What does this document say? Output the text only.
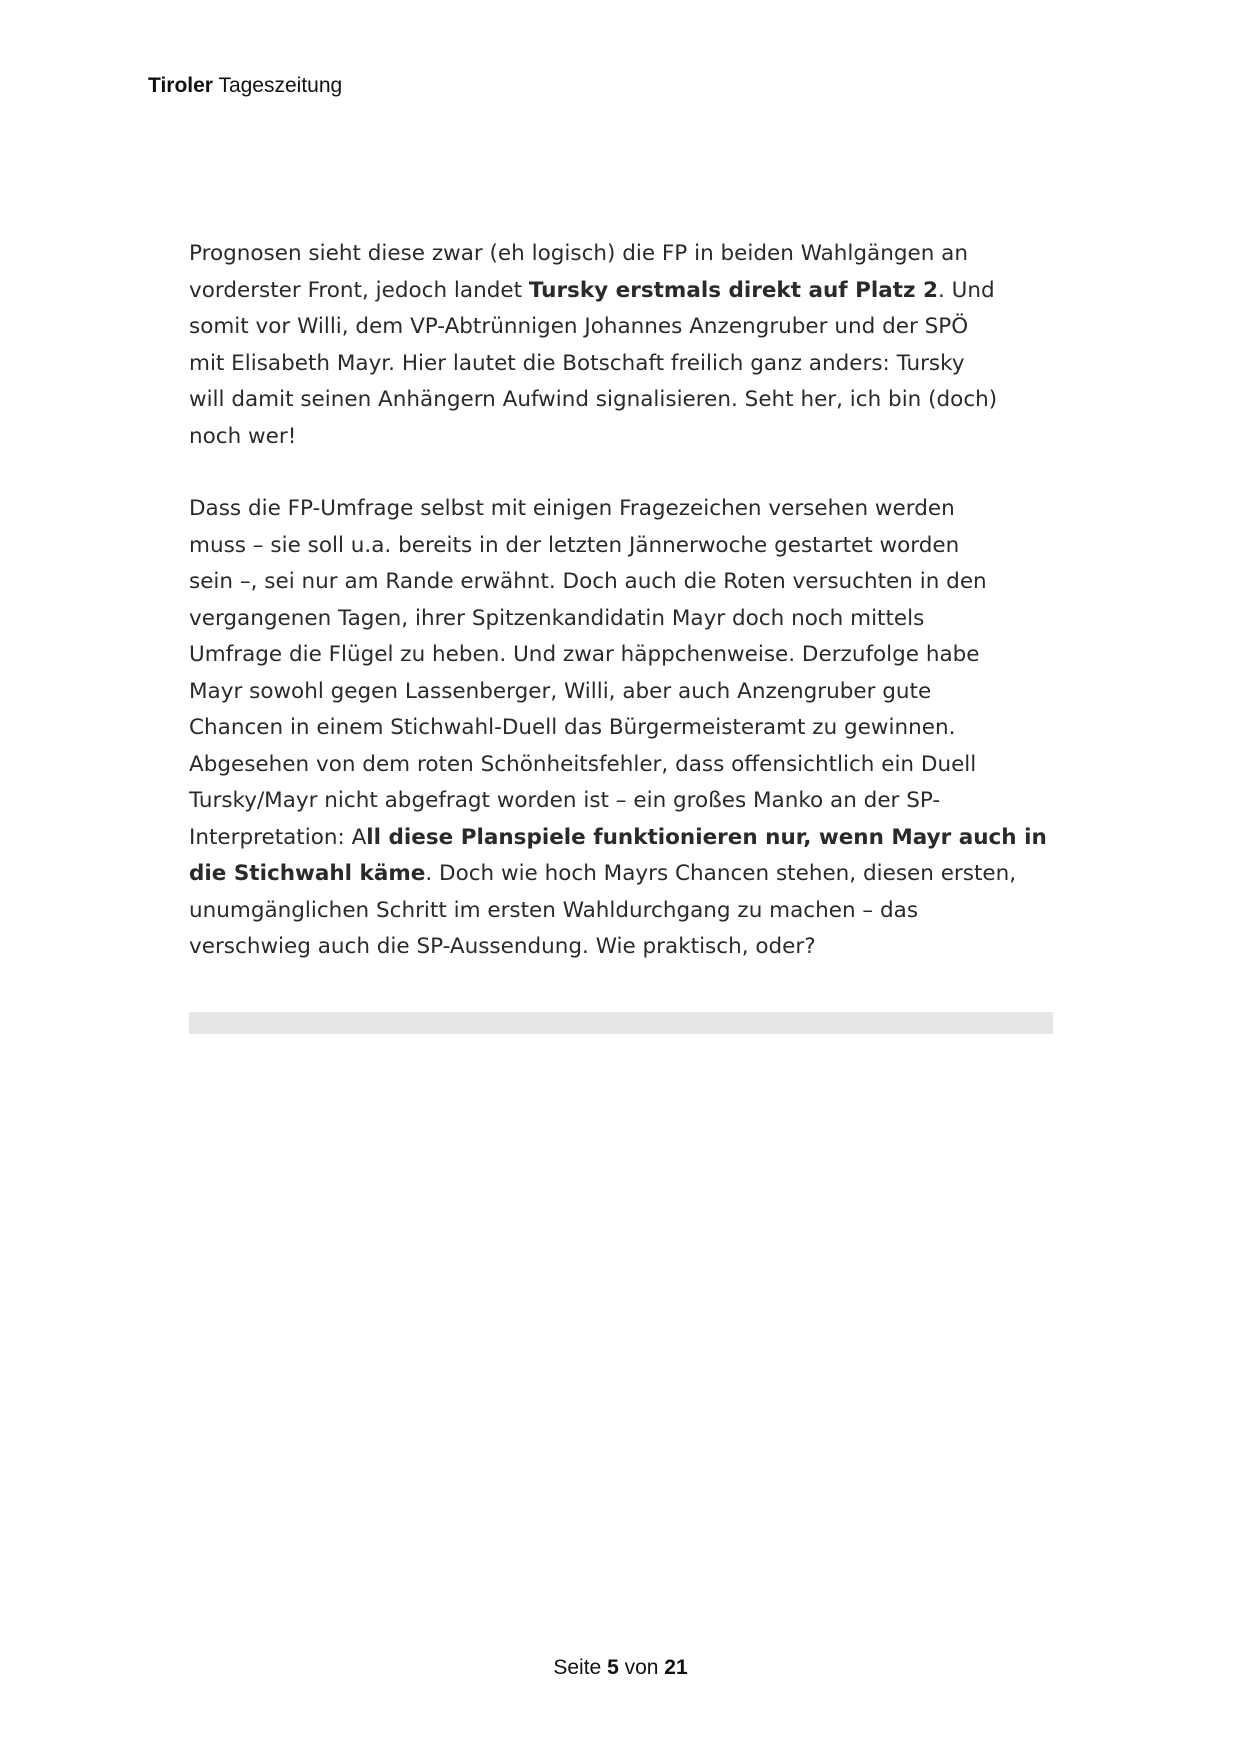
Tiroler Tageszeitung

Prognosen sieht diese zwar (eh logisch) die FP in beiden Wahlgängen an
vorderster Front, jedoch landet Tursky erstmals direkt auf Platz 2. Und
somit vor Willi, dem VP-Abtrünnigen Johannes Anzengruber und der SPÖ
mit Elisabeth Mayr. Hier lautet die Botschaft freilich ganz anders: Tursky
will damit seinen Anhängern Aufwind signalisieren. Seht her, ich bin (doch)
noch wer!

Dass die FP-Umfrage selbst mit einigen Fragezeichen versehen werden
muss – sie soll u.a. bereits in der letzten Jännerwoche gestartet worden
sein –, sei nur am Rande erwähnt. Doch auch die Roten versuchten in den
vergangenen Tagen, ihrer Spitzenkandidatin Mayr doch noch mittels
Umfrage die Flügel zu heben. Und zwar häppchenweise. Derzufolge habe
Mayr sowohl gegen Lassenberger, Willi, aber auch Anzengruber gute
Chancen in einem Stichwahl-Duell das Bürgermeisteramt zu gewinnen.
Abgesehen von dem roten Schönheitsfehler, dass offensichtlich ein Duell
Tursky/Mayr nicht abgefragt worden ist – ein großes Manko an der SP-
Interpretation: All diese Planspiele funktionieren nur, wenn Mayr auch in
die Stichwahl käme. Doch wie hoch Mayrs Chancen stehen, diesen ersten,
unumgänglichen Schritt im ersten Wahldurchgang zu machen – das
verschwieg auch die SP-Aussendung. Wie praktisch, oder?

Seite 5 von 21
